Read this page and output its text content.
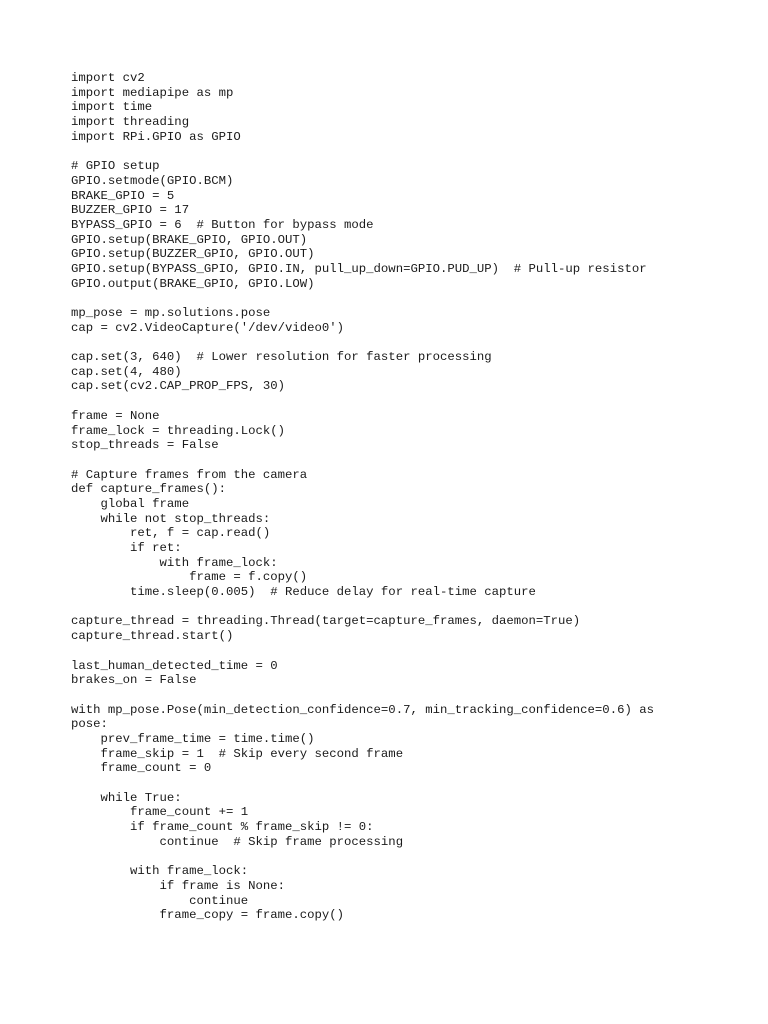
import cv2
import mediapipe as mp
import time
import threading
import RPi.GPIO as GPIO
# GPIO setup
GPIO.setmode(GPIO.BCM)
BRAKE_GPIO = 5
BUZZER_GPIO = 17
BYPASS_GPIO = 6  # Button for bypass mode
GPIO.setup(BRAKE_GPIO, GPIO.OUT)
GPIO.setup(BUZZER_GPIO, GPIO.OUT)
GPIO.setup(BYPASS_GPIO, GPIO.IN, pull_up_down=GPIO.PUD_UP)  # Pull-up resistor
GPIO.output(BRAKE_GPIO, GPIO.LOW)
mp_pose = mp.solutions.pose
cap = cv2.VideoCapture('/dev/video0')
cap.set(3, 640)  # Lower resolution for faster processing
cap.set(4, 480)
cap.set(cv2.CAP_PROP_FPS, 30)
frame = None
frame_lock = threading.Lock()
stop_threads = False
# Capture frames from the camera
def capture_frames():
global frame
while not stop_threads:
ret, f = cap.read()
if ret:
with frame_lock:
frame = f.copy()
time.sleep(0.005)  # Reduce delay for real-time capture
capture_thread = threading.Thread(target=capture_frames, daemon=True)
capture_thread.start()
last_human_detected_time = 0
brakes_on = False
with mp_pose.Pose(min_detection_confidence=0.7, min_tracking_confidence=0.6) as
pose:
prev_frame_time = time.time()
frame_skip = 1  # Skip every second frame
frame_count = 0
while True:
frame_count += 1
if frame_count % frame_skip != 0:
continue  # Skip frame processing
with frame_lock:
if frame is None:
continue
frame_copy = frame.copy()
